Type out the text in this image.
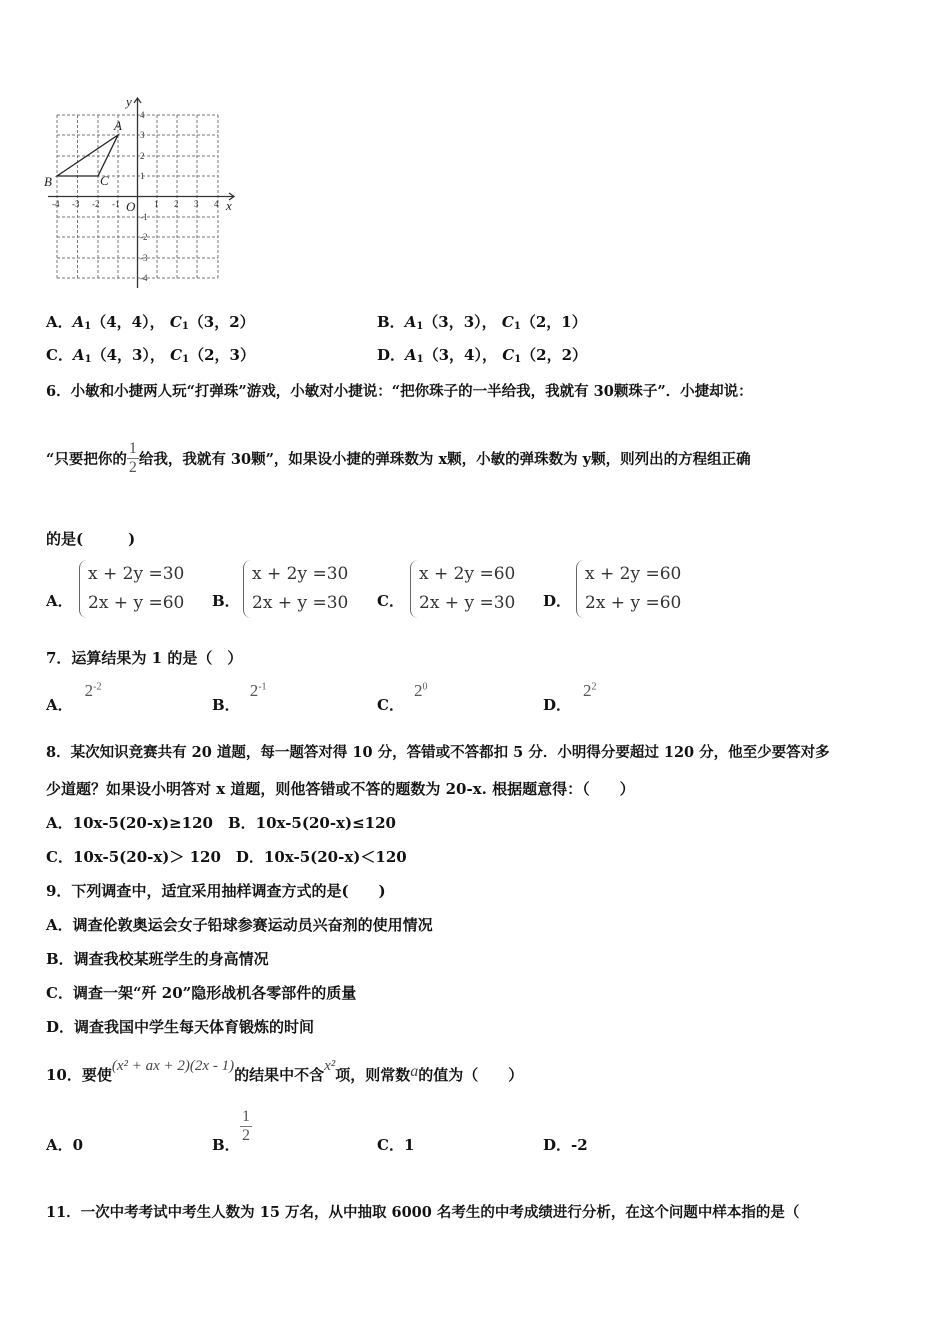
-4 -3 -2 -1	1 2 3 4
4
3
2
1
-1
-2
-3
-4
y
x
O
A
B	C
A．$A_1(4$，4）， $C_1(3$，2）	B．$A_1(3$，3）， $C_1(2$，1）
C．$A_1(4$，3）， $C_1(2$，3）	D．$A_1(3$，4）， $C_1(2$，2）
6．小敏和小捷两人玩“打弹珠”游戏，小敏对小捷说：“把你珠子的一半给我，我就有 30颗珠子”．小捷却说：
“只要把你的 $\frac{1}{2}$ 给我，我就有 30颗”，如果设小捷的弹珠数为 x颗，小敏的弹珠数为 y颗，则列出的方程组正确
的是(　　　)
A．
x + 2y =30
2x + y =60 B．
x + 2y =30
2x + y =30 C．
x + 2y =60
2x + y =30 D．
x + 2y =60
2x + y =60
7．运算结果为 1 的是（　）
A．$2^{-2}$
B．$2^{-1}$
C．$2^0$
D．$2^2$
8．某次知识竞赛共有 20 道题，每一题答对得 10 分，答错或不答都扣 5 分．小明得分要超过 120 分，他至少要答对多
少道题？如果设小明答对 x 道题，则他答错或不答的题数为 20-x. 根据题意得：（　　）
A．10x-5(20-x)≥120　B．10x-5(20-x)≤120
C．10x-5(20-x)＞ 120　D．10x-5(20-x)＜120
9．下列调查中，适宜采用抽样调查方式的是(　　)
A．调查伦敦奥运会女子铅球参赛运动员兴奋剂的使用情况
B．调查我校某班学生的身高情况
C．调查一架“歼 20”隐形战机各零部件的质量
D．调查我国中学生每天体育锻炼的时间
10．要使(x² + ax + 2)(2x - 1)的结果中不含x²项，则常数a的值为（　　）
A．0	B． $\frac{1}{2}$	C．1	D．-2
11．一次中考考试中考生人数为 15 万名，从中抽取 6000 名考生的中考成绩进行分析，在这个问题中样本指的是（
